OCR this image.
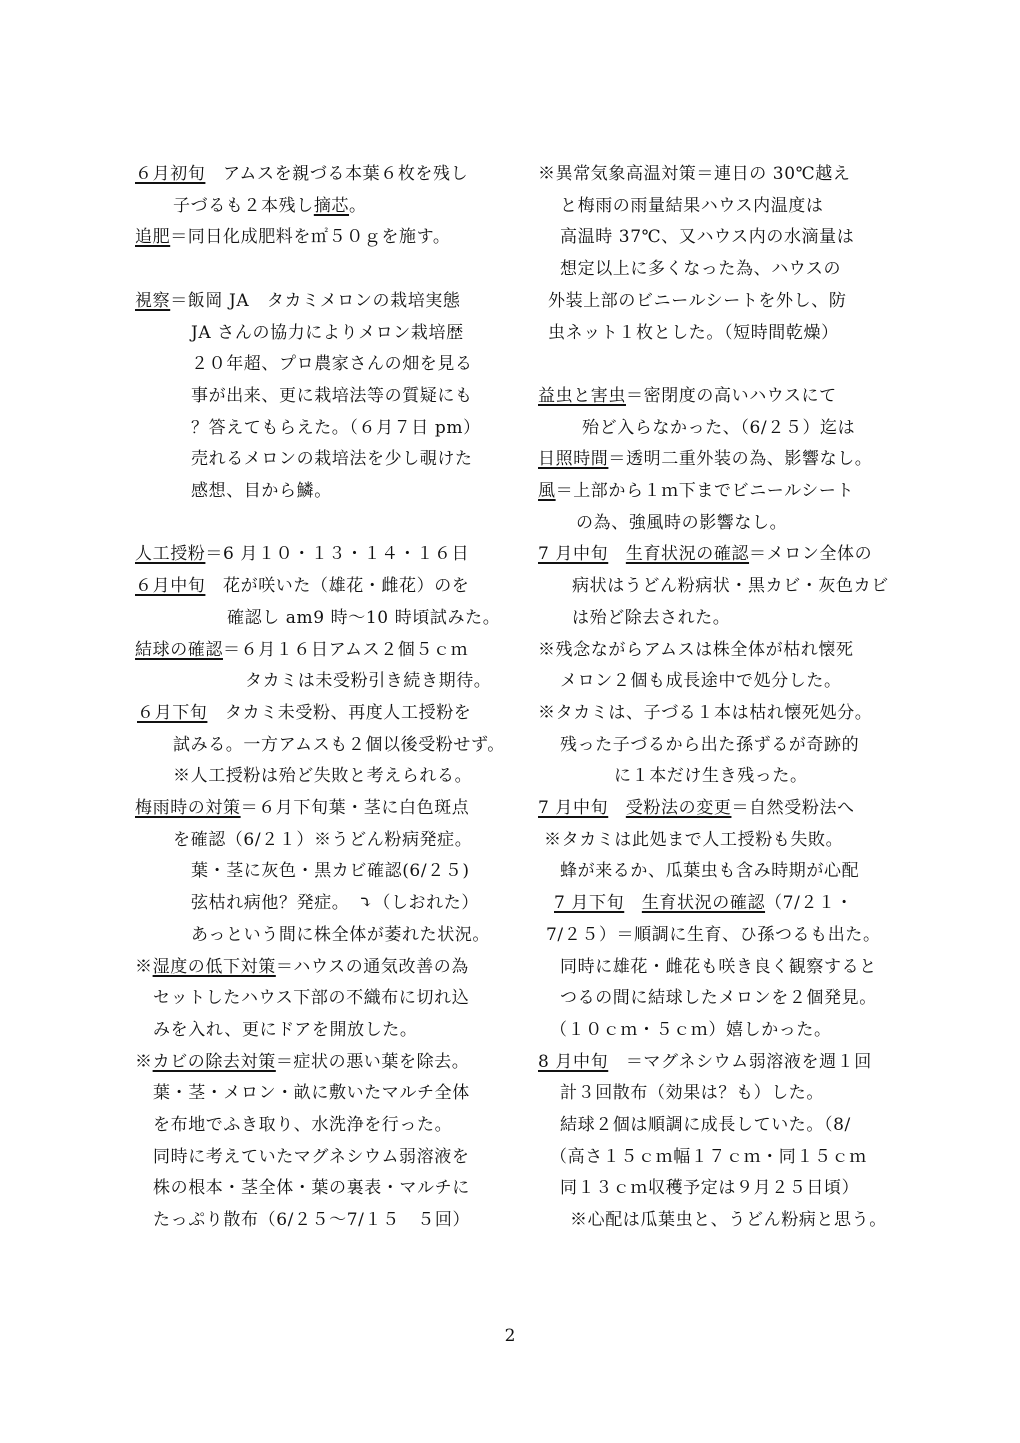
６月初旬　アムスを親づる本葉６枚を残し
子づるも２本残し摘芯。
追肥＝同日化成肥料を㎡５０ｇを施す。
視察＝飯岡 JA　タカミメロンの栽培実態
JA さんの協力によりメロン栽培歴
２０年超、プロ農家さんの畑を見る
事が出来、更に栽培法等の質疑にも
？答えてもらえた。（６月７日 pm）
売れるメロンの栽培法を少し覗けた
感想、目から鱗。
人工授粉＝6 月１０・１３・１４・１６日
６月中旬　花が咲いた（雄花・雌花）のを
確認し am9 時～10 時頃試みた。
結球の確認＝６月１６日アムス２個５ｃｍ
タカミは未受粉引き続き期待。
６月下旬　タカミ未受粉、再度人工授粉を
試みる。一方アムスも２個以後受粉せず。
※人工授粉は殆ど失敗と考えられる。
梅雨時の対策＝６月下旬葉・茎に白色斑点
を確認（6/２１）※うどん粉病発症。
葉・茎に灰色・黒カビ確認(6/２５)
弦枯れ病他？発症。　⤵（しおれた）
あっという間に株全体が萎れた状況。
※湿度の低下対策＝ハウスの通気改善の為
セットしたハウス下部の不織布に切れ込
みを入れ、更にドアを開放した。
※カビの除去対策＝症状の悪い葉を除去。
葉・茎・メロン・畝に敷いたマルチ全体
を布地でふき取り、水洗浄を行った。
同時に考えていたマグネシウム弱溶液を
株の根本・茎全体・葉の裏表・マルチに
たっぷり散布（6/２５～7/１５　５回）
※異常気象高温対策＝連日の 30℃越え
と梅雨の雨量結果ハウス内温度は
高温時 37℃、又ハウス内の水滴量は
想定以上に多くなった為、ハウスの
外装上部のビニールシートを外し、防
虫ネット１枚とした。（短時間乾燥）
益虫と害虫＝密閉度の高いハウスにて
殆ど入らなかった、（6/２５）迄は
日照時間＝透明二重外装の為、影響なし。
風＝上部から１ｍ下までビニールシート
の為、強風時の影響なし。
7 月中旬　 生育状況の確認＝メロン全体の
病状はうどん粉病状・黒カビ・灰色カビ
は殆ど除去された。
※残念ながらアムスは株全体が枯れ懐死
メロン２個も成長途中で処分した。
※タカミは、子づる１本は枯れ懐死処分。
残った子づるから出た孫ずるが奇跡的
に１本だけ生き残った。
7 月中旬　 受粉法の変更＝自然受粉法へ
※タカミは此処まで人工授粉も失敗。
蜂が来るか、瓜葉虫も含み時期が心配
7 月下旬　 生育状況の確認（7/２１・
7/２５）＝順調に生育、ひ孫つるも出た。
同時に雄花・雌花も咲き良く観察すると
つるの間に結球したメロンを２個発見。
（１０ｃｍ・５ｃｍ）嬉しかった。
8 月中旬　＝マグネシウム弱溶液を週１回
計３回散布（効果は？も）した。
結球２個は順調に成長していた。（8/
（高さ１５ｃｍ幅１７ｃｍ・同１５ｃｍ
同１３ｃｍ収穫予定は９月２５日頃）
※心配は瓜葉虫と、うどん粉病と思う。
2
